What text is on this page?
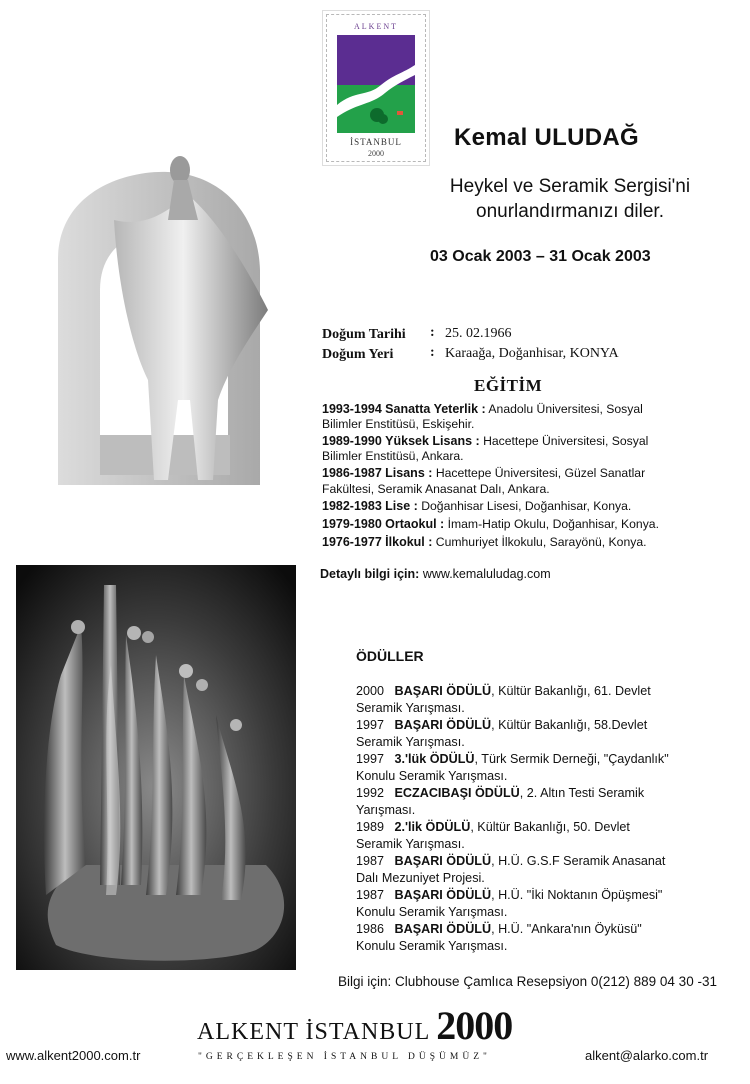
ALKENT
İSTANBUL
2000
Kemal ULUDAĞ
Heykel ve Seramik Sergisi'ni
onurlandırmanızı diler.
03 Ocak 2003 – 31 Ocak 2003
Doğum Tarihi : 25. 02.1966
Doğum Yeri	: Karaağa, Doğanhisar, KONYA
EĞİTİM
1993-1994 Sanatta Yeterlik : Anadolu Üniversitesi, Sosyal
Bilimler Enstitüsü, Eskişehir.
1989-1990 Yüksek Lisans : Hacettepe Üniversitesi, Sosyal
Bilimler Enstitüsü, Ankara.
1986-1987 Lisans : Hacettepe Üniversitesi, Güzel Sanatlar
Fakültesi, Seramik Anasanat Dalı, Ankara.
1982-1983 Lise : Doğanhisar Lisesi, Doğanhisar, Konya.
1979-1980 Ortaokul : İmam-Hatip Okulu, Doğanhisar, Konya.
1976-1977 İlkokul : Cumhuriyet İlkokulu, Sarayönü, Konya.
Detaylı bilgi için: www.kemaluludag.com
ÖDÜLLER
2000 BAŞARI ÖDÜLÜ, Kültür Bakanlığı, 61. Devlet
Seramik Yarışması.
1997 BAŞARI ÖDÜLÜ, Kültür Bakanlığı, 58.Devlet
Seramik Yarışması.
1997 3.'lük ÖDÜLÜ, Türk Sermik Derneği, "Çaydanlık"
Konulu Seramik Yarışması.
1992 ECZACIBAŞI ÖDÜLÜ, 2. Altın Testi Seramik
Yarışması.
1989 2.'lik ÖDÜLÜ, Kültür Bakanlığı, 50. Devlet
Seramik Yarışması.
1987 BAŞARI ÖDÜLÜ, H.Ü. G.S.F Seramik Anasanat
Dalı Mezuniyet Projesi.
1987 BAŞARI ÖDÜLÜ, H.Ü. "İki Noktanın Öpüşmesi"
Konulu Seramik Yarışması.
1986 BAŞARI ÖDÜLÜ, H.Ü. "Ankara'nın Öyküsü"
Konulu Seramik Yarışması.
Bilgi için: Clubhouse Çamlıca Resepsiyon 0(212) 889 04 30 -31
ALKENT İSTANBUL 2000
www.alkent2000.com.tr	"GERÇEKLEŞEN İSTANBUL DÜŞÜMÜZ"	alkent@alarko.com.tr
